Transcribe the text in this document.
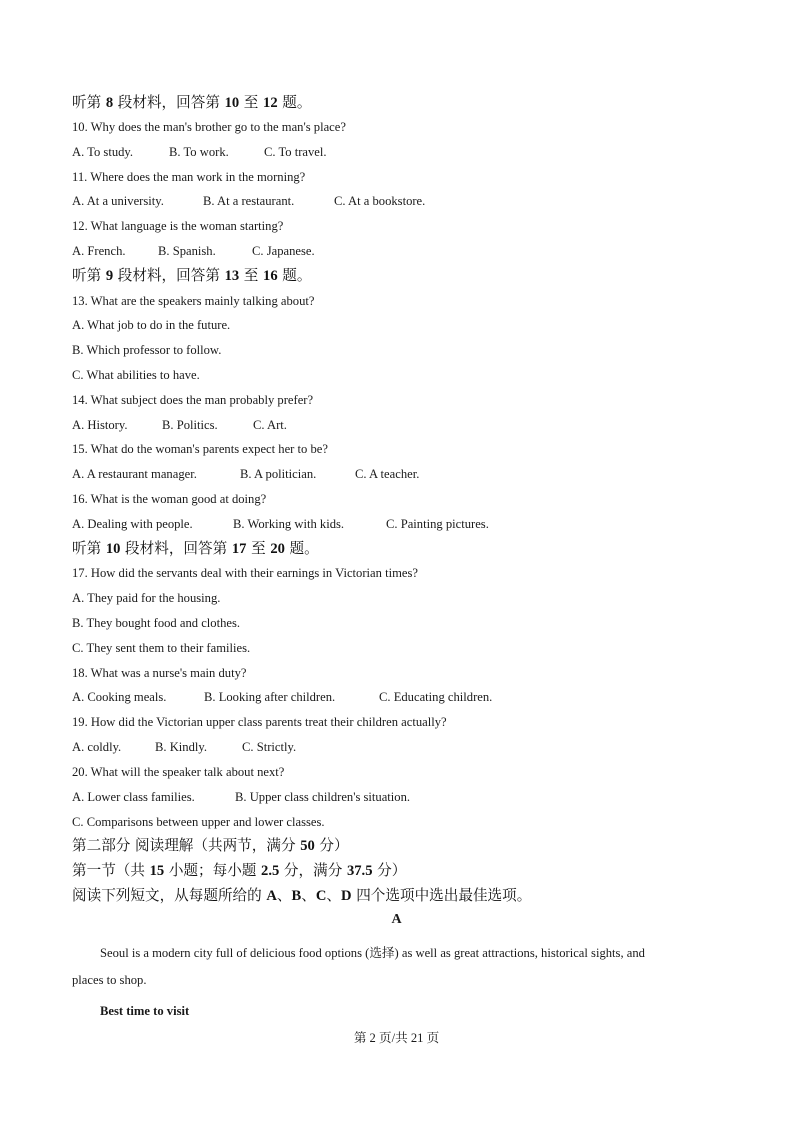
听第 8 段材料，回答第 10 至 12 题。
10. Why does the man's brother go to the man's place?
A. To study.	B. To work.	C. To travel.
11. Where does the man work in the morning?
A. At a university.	B. At a restaurant.	C. At a bookstore.
12. What language is the woman starting?
A. French.	B. Spanish.	C. Japanese.
听第 9 段材料，回答第 13 至 16 题。
13. What are the speakers mainly talking about?
A. What job to do in the future.
B. Which professor to follow.
C. What abilities to have.
14. What subject does the man probably prefer?
A. History.	B. Politics.	C. Art.
15. What do the woman's parents expect her to be?
A. A restaurant manager.	B. A politician.	C. A teacher.
16. What is the woman good at doing?
A. Dealing with people.	B. Working with kids.	C. Painting pictures.
听第 10 段材料，回答第 17 至 20 题。
17. How did the servants deal with their earnings in Victorian times?
A. They paid for the housing.
B. They bought food and clothes.
C. They sent them to their families.
18. What was a nurse's main duty?
A. Cooking meals.	B. Looking after children.	C. Educating children.
19. How did the Victorian upper class parents treat their children actually?
A. coldly.	B. Kindly.	C. Strictly.
20. What will the speaker talk about next?
A. Lower class families.	B. Upper class children's situation.
C. Comparisons between upper and lower classes.
第二部分 阅读理解（共两节，满分 50 分）
第一节（共 15 小题；每小题 2.5 分，满分 37.5 分）
阅读下列短文，从每题所给的 A、B、C、D 四个选项中选出最佳选项。
A
Seoul is a modern city full of delicious food options (选择) as well as great attractions, historical sights, and
places to shop.
Best time to visit
第 2 页/共 21 页
